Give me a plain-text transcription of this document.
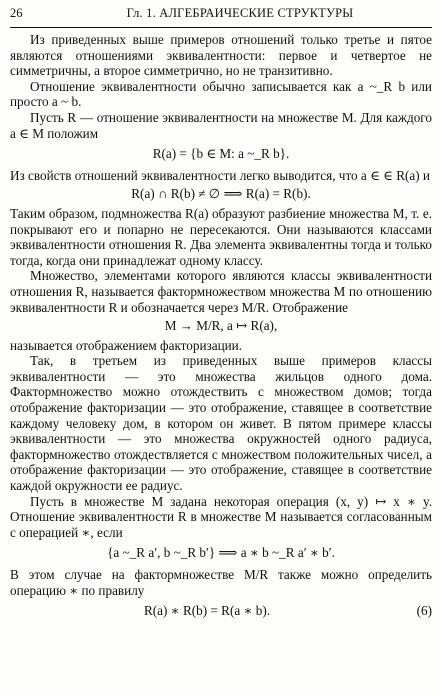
26	Гл. 1. АЛГЕБРАИЧЕСКИЕ СТРУКТУРЫ

Из приведенных выше примеров отношений только третье и пятое являются отношениями эквивалентности: первое и четвертое не симметричны, а второе симметрично, но не транзитивно.

Отношение эквивалентности обычно записывается как a ~_R b или просто a ~ b.

Пусть R — отношение эквивалентности на множестве M. Для каждого a ∈ M положим

R(a) = {b ∈ M: a ~_R b}.

Из свойств отношений эквивалентности легко выводится, что a ∈ ∈ R(a) и

R(a) ∩ R(b) ≠ ∅ ⟹ R(a) = R(b).

Таким образом, подмножества R(a) образуют разбиение множества M, т. е. покрывают его и попарно не пересекаются. Они называются классами эквивалентности отношения R. Два элемента эквивалентны тогда и только тогда, когда они принадлежат одному классу.

Множество, элементами которого являются классы эквивалентности отношения R, называется фактормножеством множества M по отношению эквивалентности R и обозначается через M/R. Отображение

M → M/R, a ↦ R(a),

называется отображением факторизации.

Так, в третьем из приведенных выше примеров классы эквивалентности — это множества жильцов одного дома. Фактормножество можно отождествить с множеством домов; тогда отображение факторизации — это отображение, ставящее в соответствие каждому человеку дом, в котором он живет. В пятом примере классы эквивалентности — это множества окружностей одного радиуса, фактормножество отождествляется с множеством положительных чисел, а отображение факторизации — это отображение, ставящее в соответствие каждой окружности ее радиус.

Пусть в множестве M задана некоторая операция (x, y) ↦ x ∗ y. Отношение эквивалентности R в множестве M называется согласованным с операцией ∗, если

{a ~_R a′, b ~_R b′} ⟹ a ∗ b ~_R a′ ∗ b′.

В этом случае на фактормножестве M/R также можно определить операцию ∗ по правилу

R(a) ∗ R(b) = R(a ∗ b).	(6)
